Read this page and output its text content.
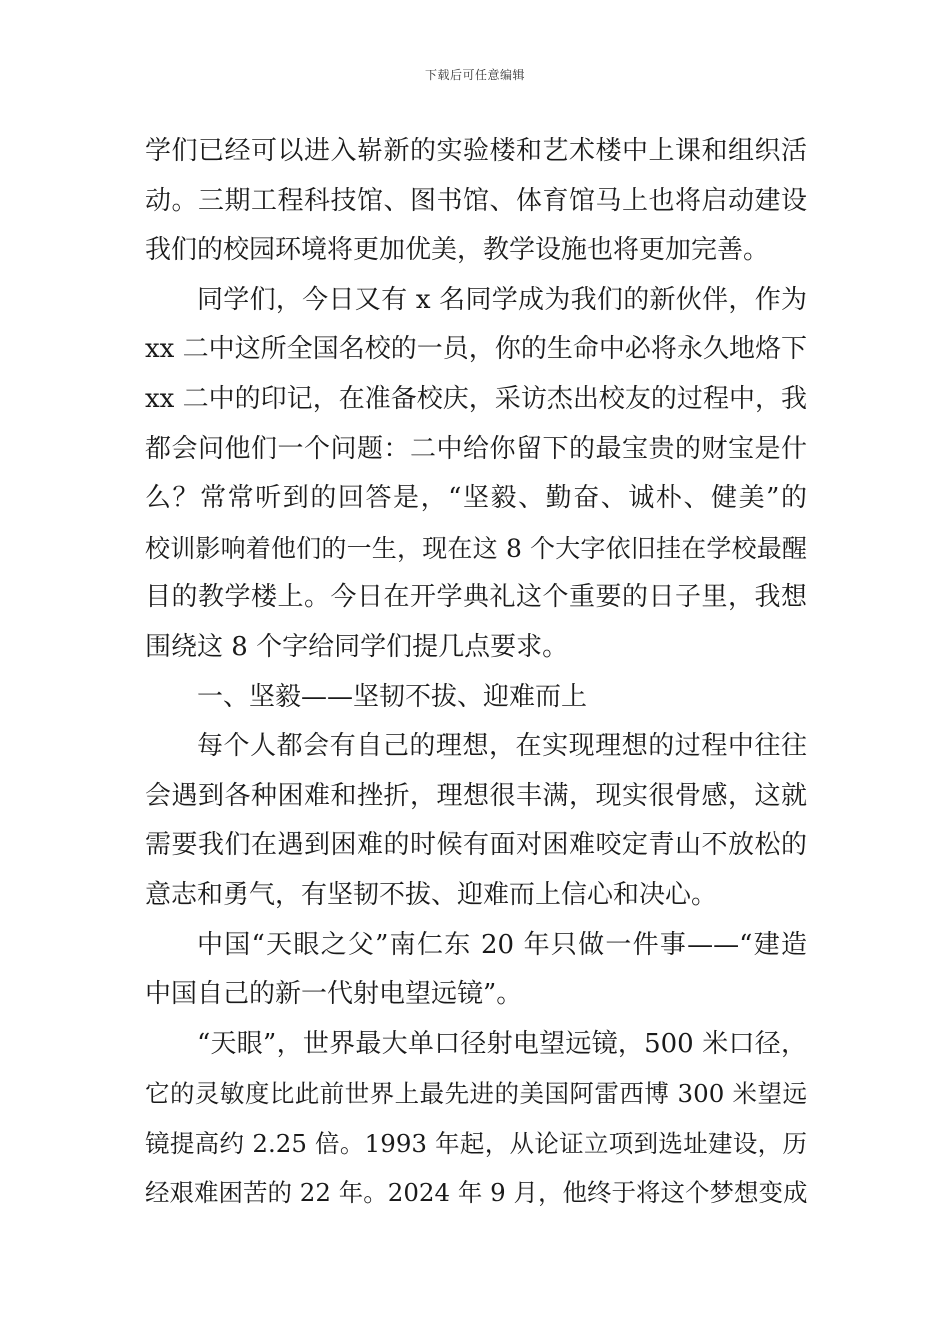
下载后可任意编辑
学们已经可以进入崭新的实验楼和艺术楼中上课和组织活
动。三期工程科技馆、图书馆、体育馆马上也将启动建设
我们的校园环境将更加优美，教学设施也将更加完善。
同学们，今日又有 x 名同学成为我们的新伙伴，作为
xx 二中这所全国名校的一员，你的生命中必将永久地烙下
xx 二中的印记，在准备校庆，采访杰出校友的过程中，我
都会问他们一个问题：二中给你留下的最宝贵的财宝是什
么？常常听到的回答是，“坚毅、勤奋、诚朴、健美”的
校训影响着他们的一生，现在这 8 个大字依旧挂在学校最醒
目的教学楼上。今日在开学典礼这个重要的日子里，我想
围绕这 8 个字给同学们提几点要求。
一、坚毅——坚韧不拔、迎难而上
每个人都会有自己的理想，在实现理想的过程中往往
会遇到各种困难和挫折，理想很丰满，现实很骨感，这就
需要我们在遇到困难的时候有面对困难咬定青山不放松的
意志和勇气，有坚韧不拔、迎难而上信心和决心。
中国“天眼之父”南仁东 20 年只做一件事——“建造
中国自己的新一代射电望远镜”。
“天眼”，世界最大单口径射电望远镜，500 米口径，
它的灵敏度比此前世界上最先进的美国阿雷西博 300 米望远
镜提高约 2.25 倍。1993 年起，从论证立项到选址建设，历
经艰难困苦的 22 年。2024 年 9 月，他终于将这个梦想变成
